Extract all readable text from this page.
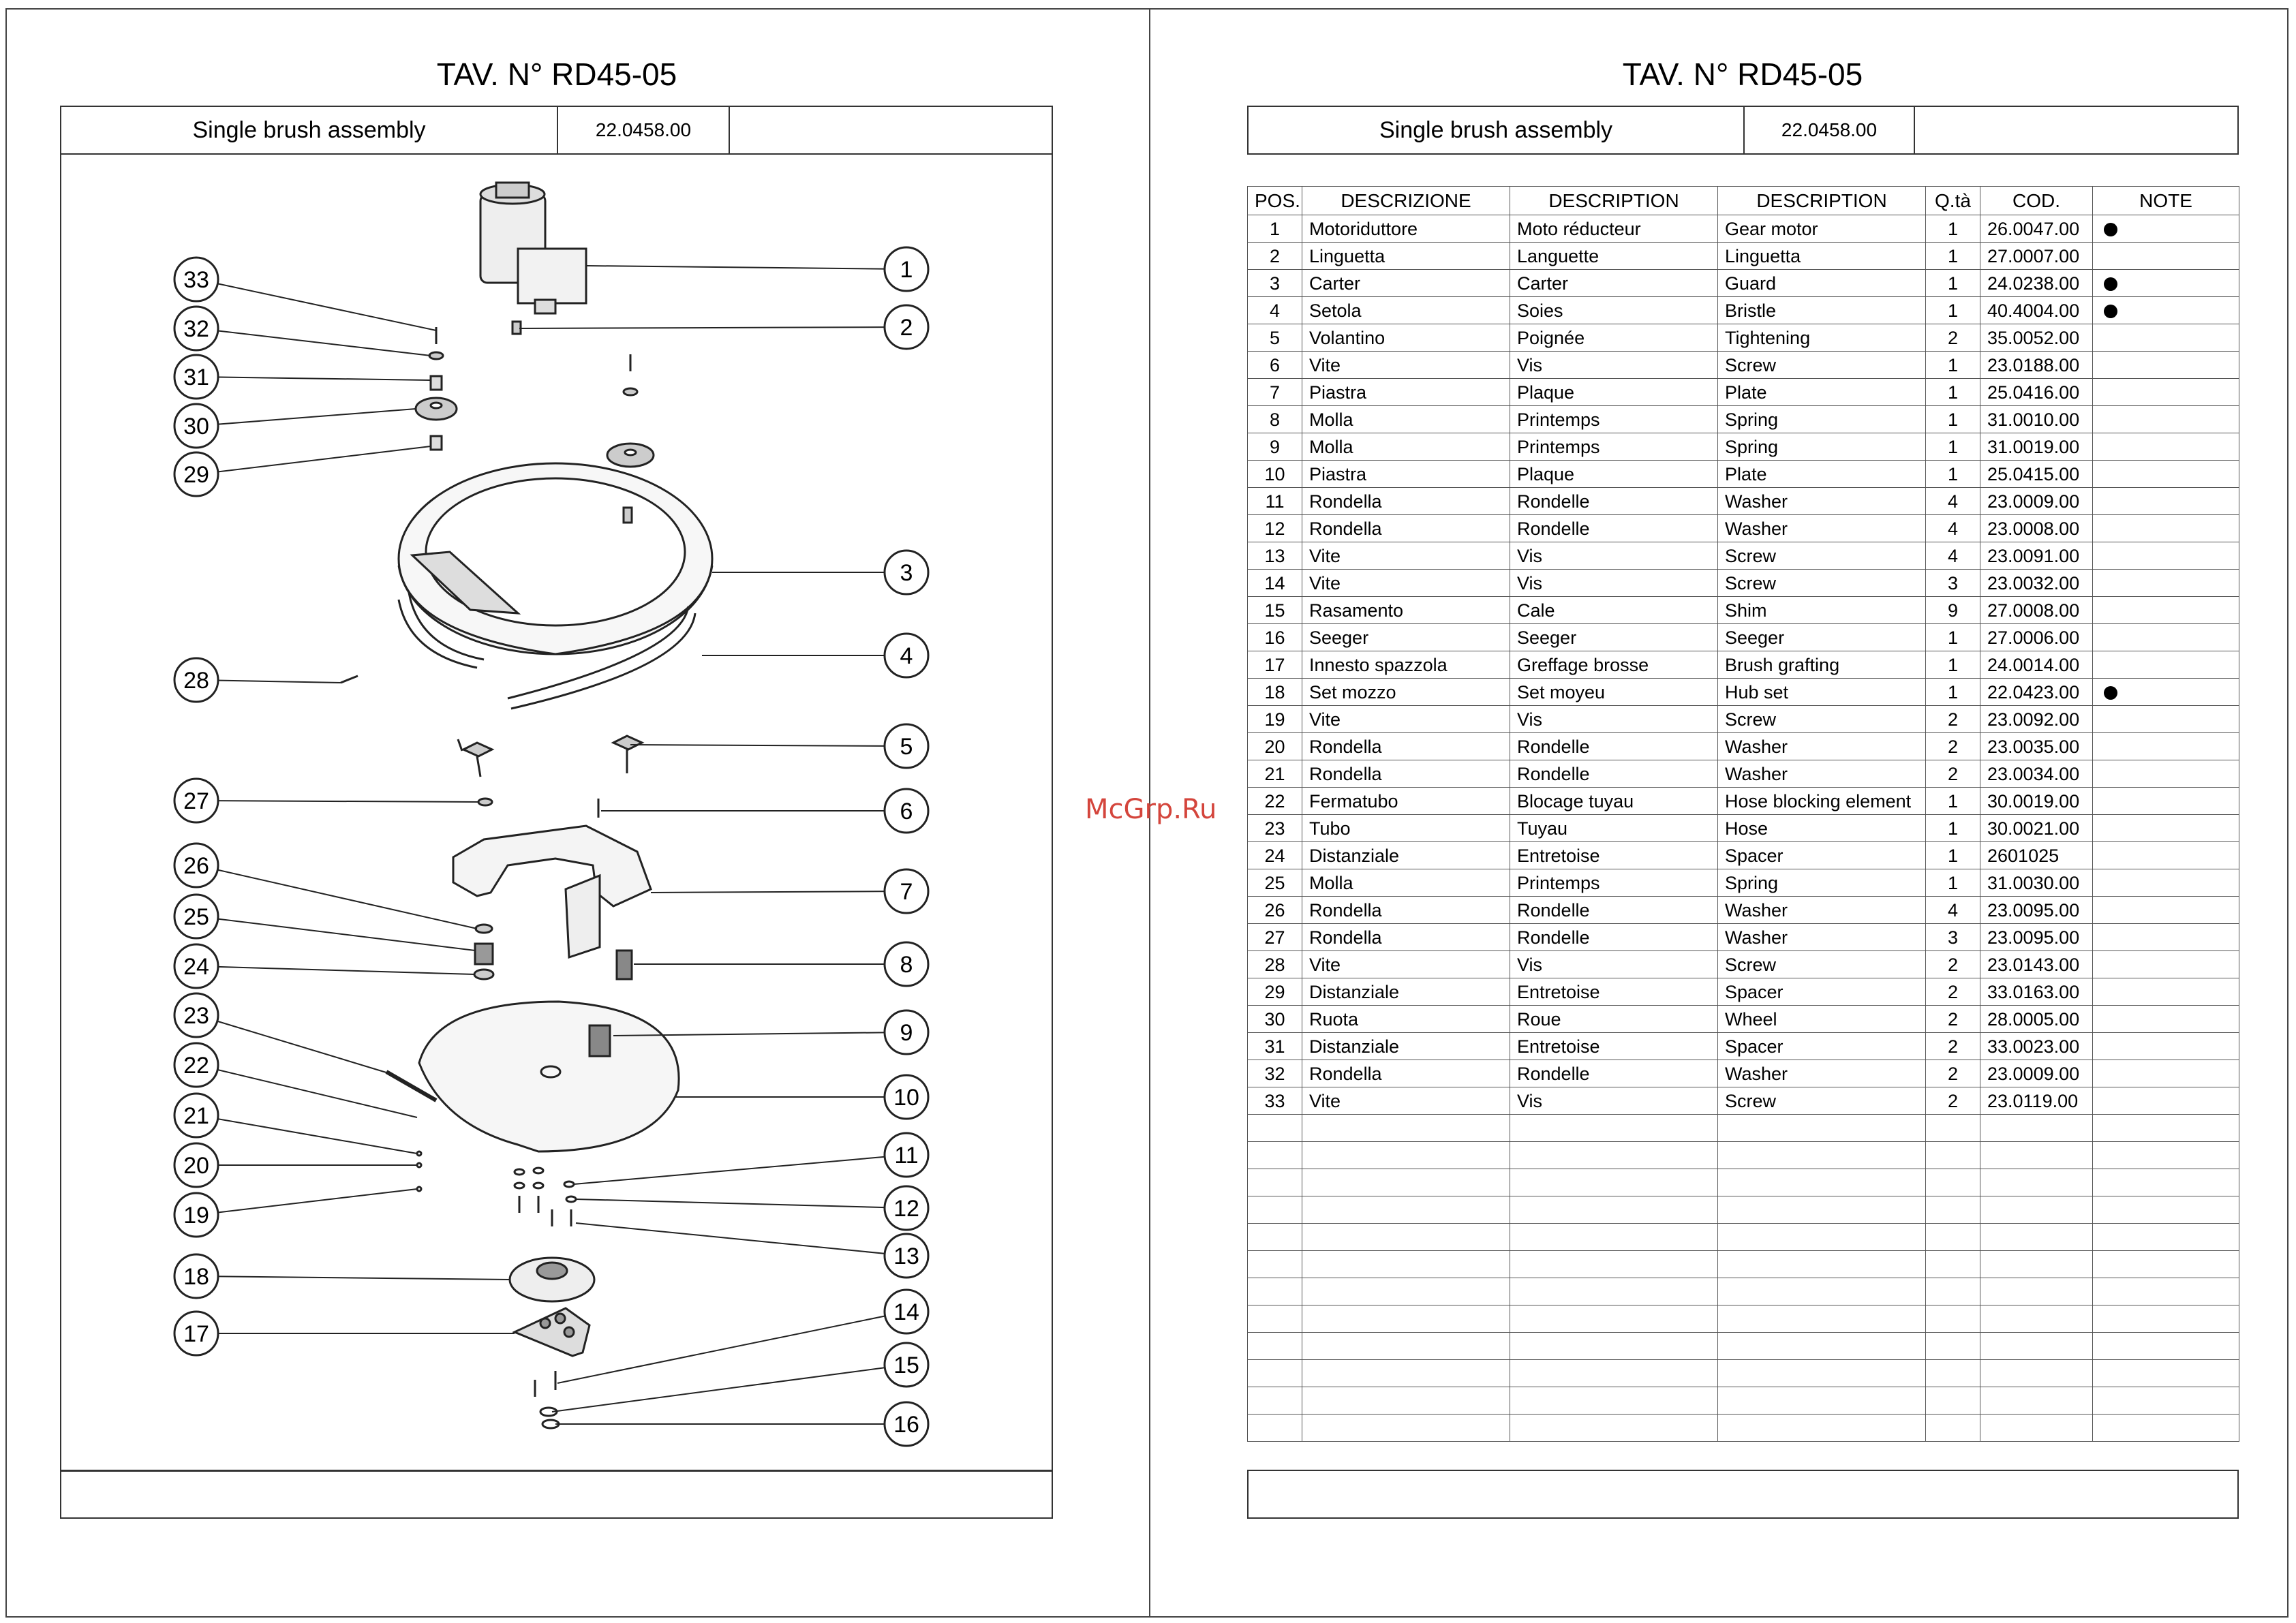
TAV. N° RD45-05
Single brush assembly	22.0458.00
1
2
3
4
5
6
7
8
9
10
11
12
13
14
15
16
33
32
31
30
29
28
27
26
25
24
23
22
21
20
19
18
17
TAV. N° RD45-05
Single brush assembly	22.0458.00
POS.	DESCRIZIONE	DESCRIPTION	DESCRIPTION	Q.tà	COD.	NOTE
1	Motoriduttore	Moto réducteur	Gear motor	1	26.0047.00	
2	Linguetta	Languette	Linguetta	1	27.0007.00	
3	Carter	Carter	Guard	1	24.0238.00	
4	Setola	Soies	Bristle	1	40.4004.00	
5	Volantino	Poignée	Tightening	2	35.0052.00	
6	Vite	Vis	Screw	1	23.0188.00	
7	Piastra	Plaque	Plate	1	25.0416.00	
8	Molla	Printemps	Spring	1	31.0010.00	
9	Molla	Printemps	Spring	1	31.0019.00	
10	Piastra	Plaque	Plate	1	25.0415.00	
11	Rondella	Rondelle	Washer	4	23.0009.00	
12	Rondella	Rondelle	Washer	4	23.0008.00	
13	Vite	Vis	Screw	4	23.0091.00	
14	Vite	Vis	Screw	3	23.0032.00	
15	Rasamento	Cale	Shim	9	27.0008.00	
16	Seeger	Seeger	Seeger	1	27.0006.00	
17	Innesto spazzola	Greffage brosse	Brush grafting	1	24.0014.00	
18	Set mozzo	Set moyeu	Hub set	1	22.0423.00	
19	Vite	Vis	Screw	2	23.0092.00	
20	Rondella	Rondelle	Washer	2	23.0035.00	
21	Rondella	Rondelle	Washer	2	23.0034.00	
22	Fermatubo	Blocage tuyau	Hose blocking element	1	30.0019.00	
23	Tubo	Tuyau	Hose	1	30.0021.00	
24	Distanziale	Entretoise	Spacer	1	2601025	
25	Molla	Printemps	Spring	1	31.0030.00	
26	Rondella	Rondelle	Washer	4	23.0095.00	
27	Rondella	Rondelle	Washer	3	23.0095.00	
28	Vite	Vis	Screw	2	23.0143.00	
29	Distanziale	Entretoise	Spacer	2	33.0163.00	
30	Ruota	Roue	Wheel	2	28.0005.00	
31	Distanziale	Entretoise	Spacer	2	33.0023.00	
32	Rondella	Rondelle	Washer	2	23.0009.00	
33	Vite	Vis	Screw	2	23.0119.00	

McGrp.Ru
